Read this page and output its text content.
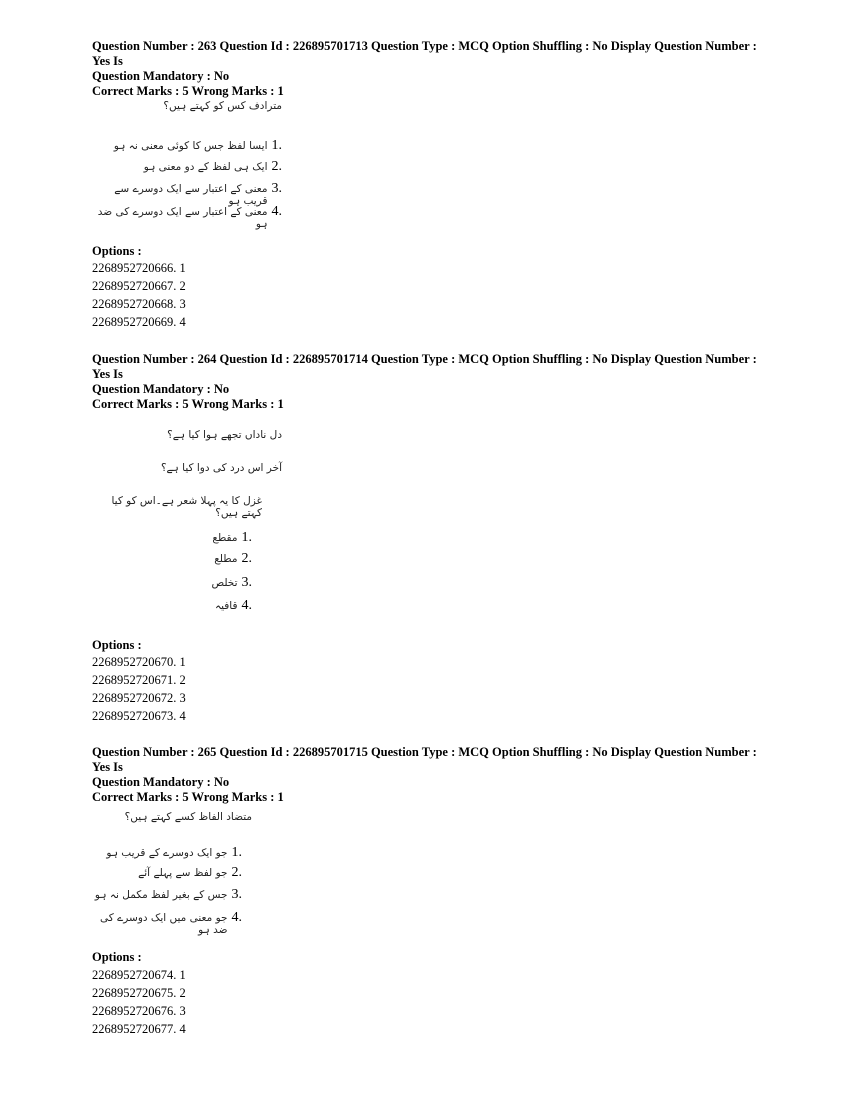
Question Number : 263 Question Id : 226895701713 Question Type : MCQ Option Shuffling : No Display Question Number : Yes Is
Question Mandatory : No
Correct Marks : 5 Wrong Marks : 1
مترادف کس کو کہتے ہیں؟
ایسا لفظ جس کا کوئی معنی نہ ہو 1.
ایک ہی لفظ کے دو معنی ہو 2.
معنی کے اعتبار سے ایک دوسرے سے قریب ہو
3.
معنی کے اعتبار سے ایک دوسرے کی ضد ہو
4.
Options :
2268952720666. 1
2268952720667. 2
2268952720668. 3
2268952720669. 4
Question Number : 264 Question Id : 226895701714 Question Type : MCQ Option Shuffling : No Display Question Number : Yes Is
Question Mandatory : No
Correct Marks : 5 Wrong Marks : 1
دل ناداں تجھے ہوا کیا ہے؟
آخر اس درد کی دوا کیا ہے؟
غزل کا یہ پہلا شعر ہے۔اس کو کیا کہتے ہیں؟
مقطع 1.
مطلع 2.
تخلص 3.
قافیہ 4.
Options :
2268952720670. 1
2268952720671. 2
2268952720672. 3
2268952720673. 4
Question Number : 265 Question Id : 226895701715 Question Type : MCQ Option Shuffling : No Display Question Number : Yes Is
Question Mandatory : No
Correct Marks : 5 Wrong Marks : 1
متضاد الفاظ کسے کہتے ہیں؟
جو ایک دوسرے کے قریب ہو 1.
جو لفظ سے پہلے آئے 2.
جس کے بغیر لفظ مکمل نہ ہو 3.
جو معنی میں ایک دوسرے کی ضد ہو
4.
Options :
2268952720674. 1
2268952720675. 2
2268952720676. 3
2268952720677. 4
